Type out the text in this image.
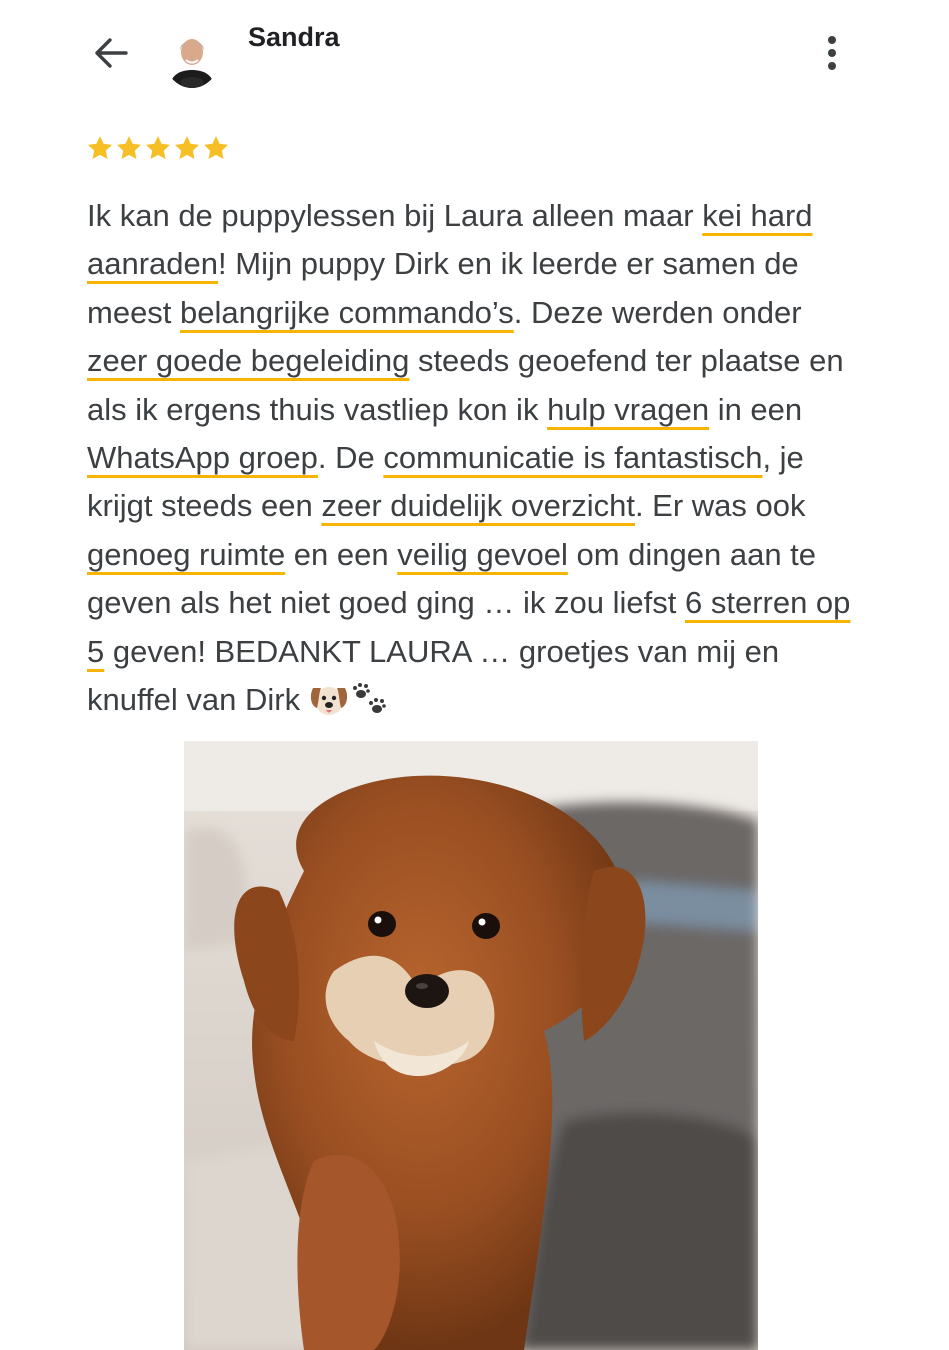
Sandra

Ik kan de puppylessen bij Laura alleen maar kei hard aanraden! Mijn puppy Dirk en ik leerde er samen de meest belangrijke commando’s. Deze werden onder zeer goede begeleiding steeds geoefend ter plaatse en als ik ergens thuis vastliep kon ik hulp vragen in een WhatsApp groep. De communicatie is fantastisch, je krijgt steeds een zeer duidelijk overzicht. Er was ook genoeg ruimte en een veilig gevoel om dingen aan te geven als het niet goed ging … ik zou liefst 6 sterren op 5 geven! BEDANKT LAURA … groetjes van mij en knuffel van Dirk
